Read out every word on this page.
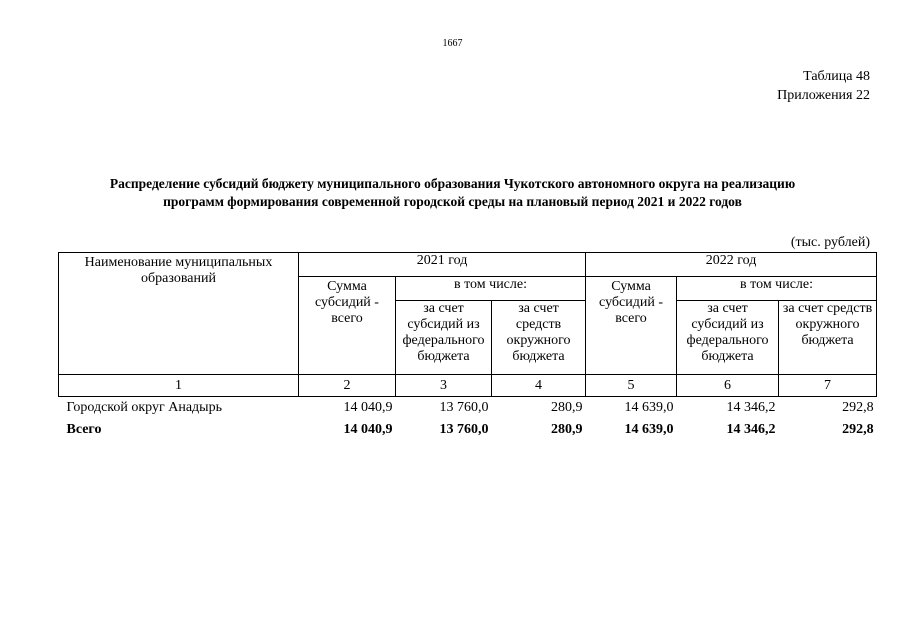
1667
Таблица 48
Приложения 22
Распределение субсидий бюджету муниципального образования Чукотского автономного округа на реализацию
программ формирования современной городской среды на плановый период 2021 и 2022 годов
(тыс. рублей)
Наименование муниципальных образований	2021 год			2022 год		

	Сумма субсидий - всего	в том числе:		Сумма субсидий - всего	в том числе:	
		за счет субсидий из федерального бюджета	за счет средств окружного бюджета		за счет субсидий из федерального бюджета	за счет средств окружного бюджета
1	2	3	4	5	6	7
Городской округ Анадырь	14 040,9	13 760,0	280,9	14 639,0	14 346,2	292,8
Всего	14 040,9	13 760,0	280,9	14 639,0	14 346,2	292,8
